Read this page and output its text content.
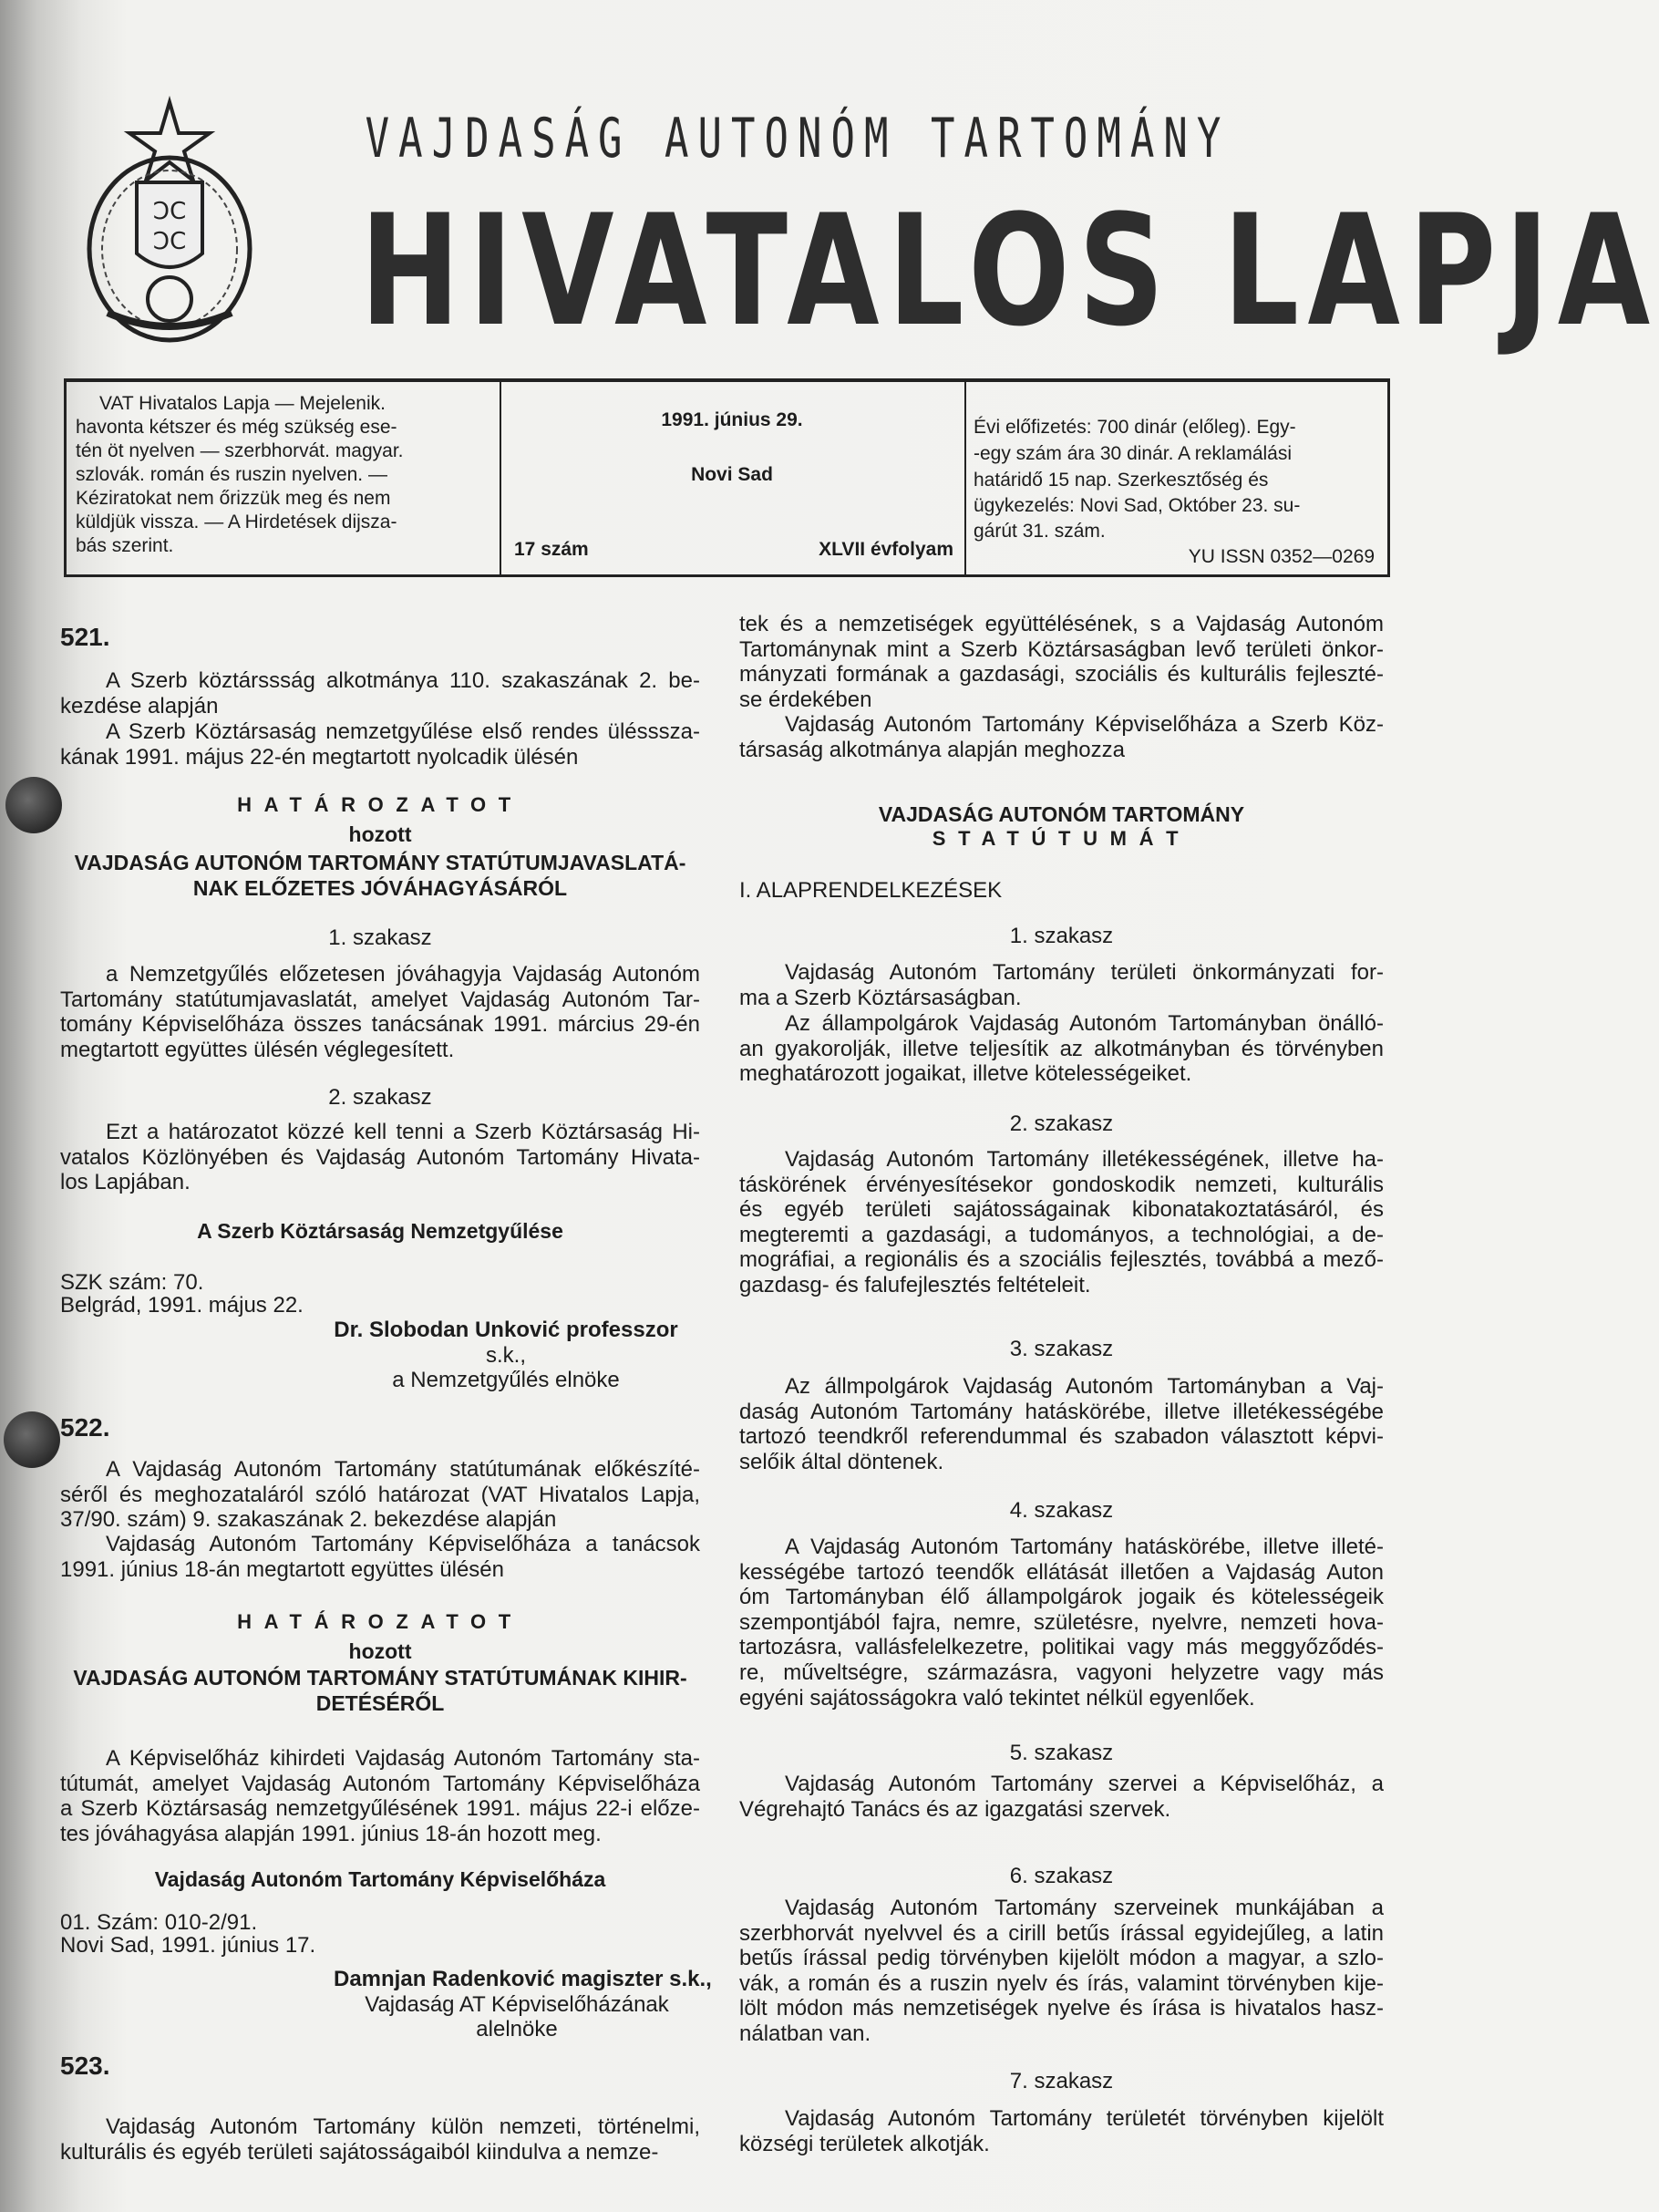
ϽС
ϽС
VAJDASÁG AUTONÓM TARTOMÁNY
HIVATALOS LAPJA
VAT Hivatalos Lapja — Mejelenik.
havonta kétszer és még szükség ese-
tén öt nyelven — szerbhorvát. magyar.
szlovák. román és ruszin nyelven. —
Kéziratokat nem őrizzük meg és nem
küldjük vissza. — A Hirdetések dijsza-
bás szerint.
1991. június 29.
Novi Sad
17 szám	XLVII évfolyam
Évi előfizetés: 700 dinár (előleg). Egy-
-egy szám ára 30 dinár. A reklamálási
határidő 15 nap. Szerkesztőség és
ügykezelés: Novi Sad, Október 23. su-
gárút 31. szám.
YU ISSN 0352—0269
521.
A Szerb köztárssság alkotmánya 110. szakaszának 2. be-
kezdése alapján
A Szerb Köztársaság nemzetgyűlése első rendes ülésssza-
kának 1991. május 22-én megtartott nyolcadik ülésén
HATÁROZATOT
hozott
VAJDASÁG AUTONÓM TARTOMÁNY STATÚTUMJAVASLATÁ-
NAK ELŐZETES JÓVÁHAGYÁSÁRÓL
1. szakasz
a Nemzetgyűlés előzetesen jóváhagyja Vajdaság Autonóm
Tartomány statútumjavaslatát, amelyet Vajdaság Autonóm Tar-
tomány Képviselőháza összes tanácsának 1991. március 29-én
megtartott együttes ülésén véglegesített.
2. szakasz
Ezt a határozatot közzé kell tenni a Szerb Köztársaság Hi-
vatalos Közlönyében és Vajdaság Autonóm Tartomány Hivata-
los Lapjában.
A Szerb Köztársaság Nemzetgyűlése
SZK szám: 70.
Belgrád, 1991. május 22.
Dr. Slobodan Unković professzor
s.k.,
a Nemzetgyűlés elnöke
522.
A Vajdaság Autonóm Tartomány statútumának előkészíté-
séről és meghozataláról szóló határozat (VAT Hivatalos Lapja,
37/90. szám) 9. szakaszának 2. bekezdése alapján
Vajdaság Autonóm Tartomány Képviselőháza a tanácsok
1991. június 18-án megtartott együttes ülésén
HATÁROZATOT
hozott
VAJDASÁG AUTONÓM TARTOMÁNY STATÚTUMÁNAK KIHIR-
DETÉSÉRŐL
A Képviselőház kihirdeti Vajdaság Autonóm Tartomány sta-
tútumát, amelyet Vajdaság Autonóm Tartomány Képviselőháza
a Szerb Köztársaság nemzetgyűlésének 1991. május 22-i előze-
tes jóváhagyása alapján 1991. június 18-án hozott meg.
Vajdaság Autonóm Tartomány Képviselőháza
01. Szám: 010-2/91.
Novi Sad, 1991. június 17.
Damnjan Radenković magiszter s.k.,
Vajdaság AT Képviselőházának
alelnöke
523.
Vajdaság Autonóm Tartomány külön nemzeti, történelmi,
kulturális és egyéb területi sajátosságaiból kiindulva a nemze-
tek és a nemzetiségek együttélésének, s a Vajdaság Autonóm
Tartománynak mint a Szerb Köztársaságban levő területi önkor-
mányzati formának a gazdasági, szociális és kulturális fejleszté-
se érdekében
Vajdaság Autonóm Tartomány Képviselőháza a Szerb Köz-
társaság alkotmánya alapján meghozza
VAJDASÁG AUTONÓM TARTOMÁNY
STATÚTUMÁT
I. ALAPRENDELKEZÉSEK
1. szakasz
Vajdaság Autonóm Tartomány területi önkormányzati for-
ma a Szerb Köztársaságban.
Az állampolgárok Vajdaság Autonóm Tartományban önálló-
an gyakorolják, illetve teljesítik az alkotmányban és törvényben
meghatározott jogaikat, illetve kötelességeiket.
2. szakasz
Vajdaság Autonóm Tartomány illetékességének, illetve ha-
táskörének érvényesítésekor gondoskodik nemzeti, kulturális
és egyéb területi sajátosságainak kibonatakoztatásáról, és
megteremti a gazdasági, a tudományos, a technológiai, a de-
mográfiai, a regionális és a szociális fejlesztés, továbbá a mező-
gazdasg- és falufejlesztés feltételeit.
3. szakasz
Az állmpolgárok Vajdaság Autonóm Tartományban a Vaj-
daság Autonóm Tartomány hatáskörébe, illetve illetékességébe
tartozó teendkről referendummal és szabadon választott képvi-
selőik által döntenek.
4. szakasz
A Vajdaság Autonóm Tartomány hatáskörébe, illetve illeté-
kességébe tartozó teendők ellátását illetően a Vajdaság Auton
óm Tartományban élő állampolgárok jogaik és kötelességeik
szempontjából fajra, nemre, születésre, nyelvre, nemzeti hova-
tartozásra, vallásfelelkezetre, politikai vagy más meggyőződés-
re, műveltségre, származásra, vagyoni helyzetre vagy más
egyéni sajátosságokra való tekintet nélkül egyenlőek.
5. szakasz
Vajdaság Autonóm Tartomány szervei a Képviselőház, a
Végrehajtó Tanács és az igazgatási szervek.
6. szakasz
Vajdaság Autonóm Tartomány szerveinek munkájában a
szerbhorvát nyelvvel és a cirill betűs írással egyidejűleg, a latin
betűs írással pedig törvényben kijelölt módon a magyar, a szlo-
vák, a román és a ruszin nyelv és írás, valamint törvényben kije-
lölt módon más nemzetiségek nyelve és írása is hivatalos hasz-
nálatban van.
7. szakasz
Vajdaság Autonóm Tartomány területét törvényben kijelölt
községi területek alkotják.
